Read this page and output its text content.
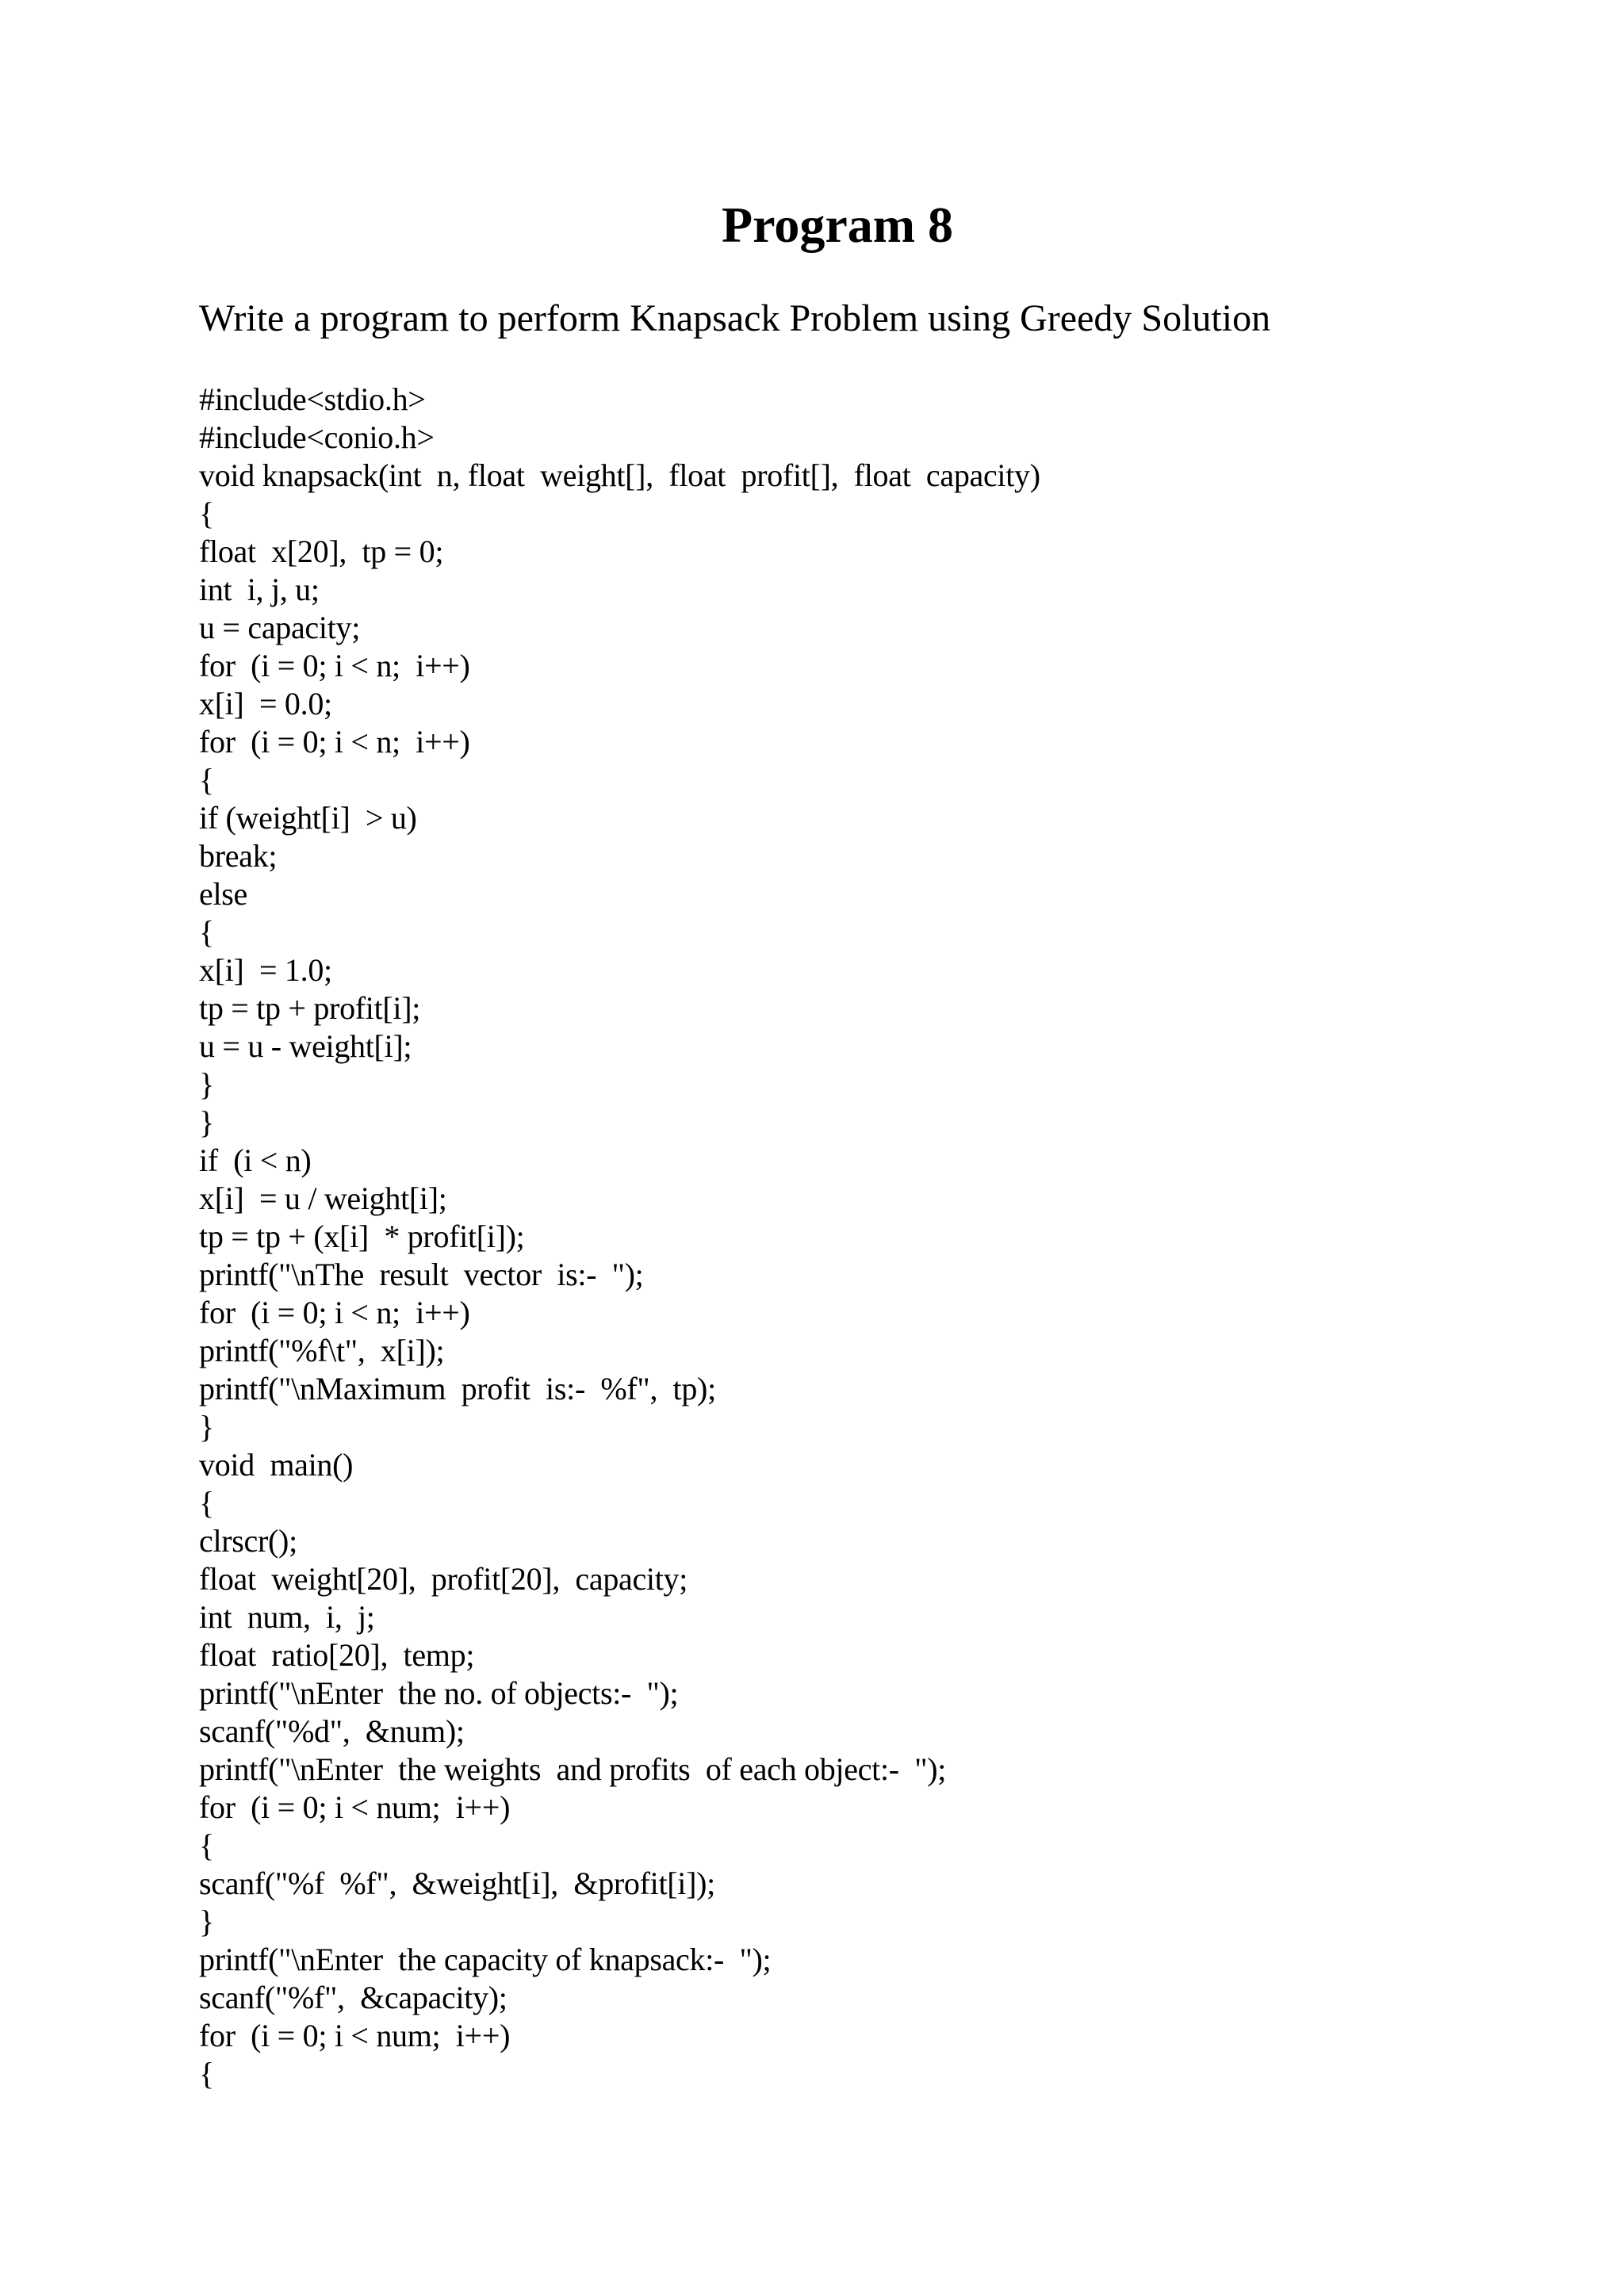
Program 8

Write a program to perform Knapsack Problem using Greedy Solution

#include<stdio.h>
#include<conio.h>
void knapsack(int  n, float  weight[],  float  profit[],  float  capacity)
{
float  x[20],  tp = 0;
int  i, j, u;
u = capacity;
for  (i = 0; i < n;  i++)
x[i]  = 0.0;
for  (i = 0; i < n;  i++)
{
if (weight[i]  > u)
break;
else
{
x[i]  = 1.0;
tp = tp + profit[i];
u = u - weight[i];
}
}
if  (i < n)
x[i]  = u / weight[i];
tp = tp + (x[i]  * profit[i]);
printf("\nThe  result  vector  is:-  ");
for  (i = 0; i < n;  i++)
printf("%f\t",  x[i]);
printf("\nMaximum  profit  is:-  %f",  tp);
}
void  main()
{
clrscr();
float  weight[20],  profit[20],  capacity;
int  num,  i,  j;
float  ratio[20],  temp;
printf("\nEnter  the no. of objects:-  ");
scanf("%d",  &num);
printf("\nEnter  the weights  and profits  of each object:-  ");
for  (i = 0; i < num;  i++)
{
scanf("%f  %f",  &weight[i],  &profit[i]);
}
printf("\nEnter  the capacity of knapsack:-  ");
scanf("%f",  &capacity);
for  (i = 0; i < num;  i++)
{
